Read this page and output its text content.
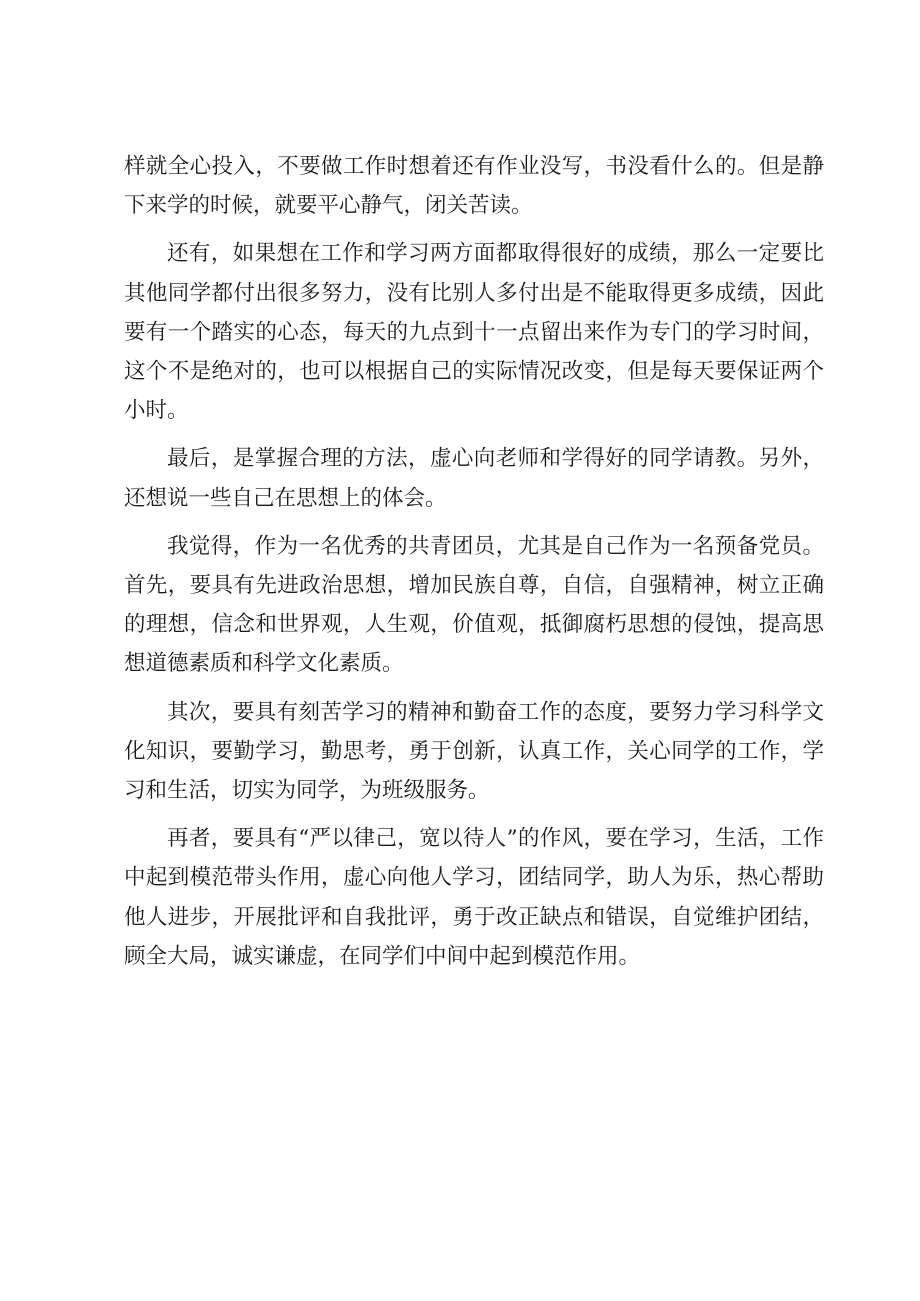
样就全心投入，不要做工作时想着还有作业没写，书没看什么的。但是静下来学的时候，就要平心静气，闭关苦读。

还有，如果想在工作和学习两方面都取得很好的成绩，那么一定要比其他同学都付出很多努力，没有比别人多付出是不能取得更多成绩，因此要有一个踏实的心态，每天的九点到十一点留出来作为专门的学习时间，这个不是绝对的，也可以根据自己的实际情况改变，但是每天要保证两个小时。

最后，是掌握合理的方法，虚心向老师和学得好的同学请教。另外，还想说一些自己在思想上的体会。

我觉得，作为一名优秀的共青团员，尤其是自己作为一名预备党员。首先，要具有先进政治思想，增加民族自尊，自信，自强精神，树立正确的理想，信念和世界观，人生观，价值观，抵御腐朽思想的侵蚀，提高思想道德素质和科学文化素质。

其次，要具有刻苦学习的精神和勤奋工作的态度，要努力学习科学文化知识，要勤学习，勤思考，勇于创新，认真工作，关心同学的工作，学习和生活，切实为同学，为班级服务。

再者，要具有“严以律己，宽以待人”的作风，要在学习，生活，工作中起到模范带头作用，虚心向他人学习，团结同学，助人为乐，热心帮助他人进步，开展批评和自我批评，勇于改正缺点和错误，自觉维护团结，顾全大局，诚实谦虚，在同学们中间中起到模范作用。
